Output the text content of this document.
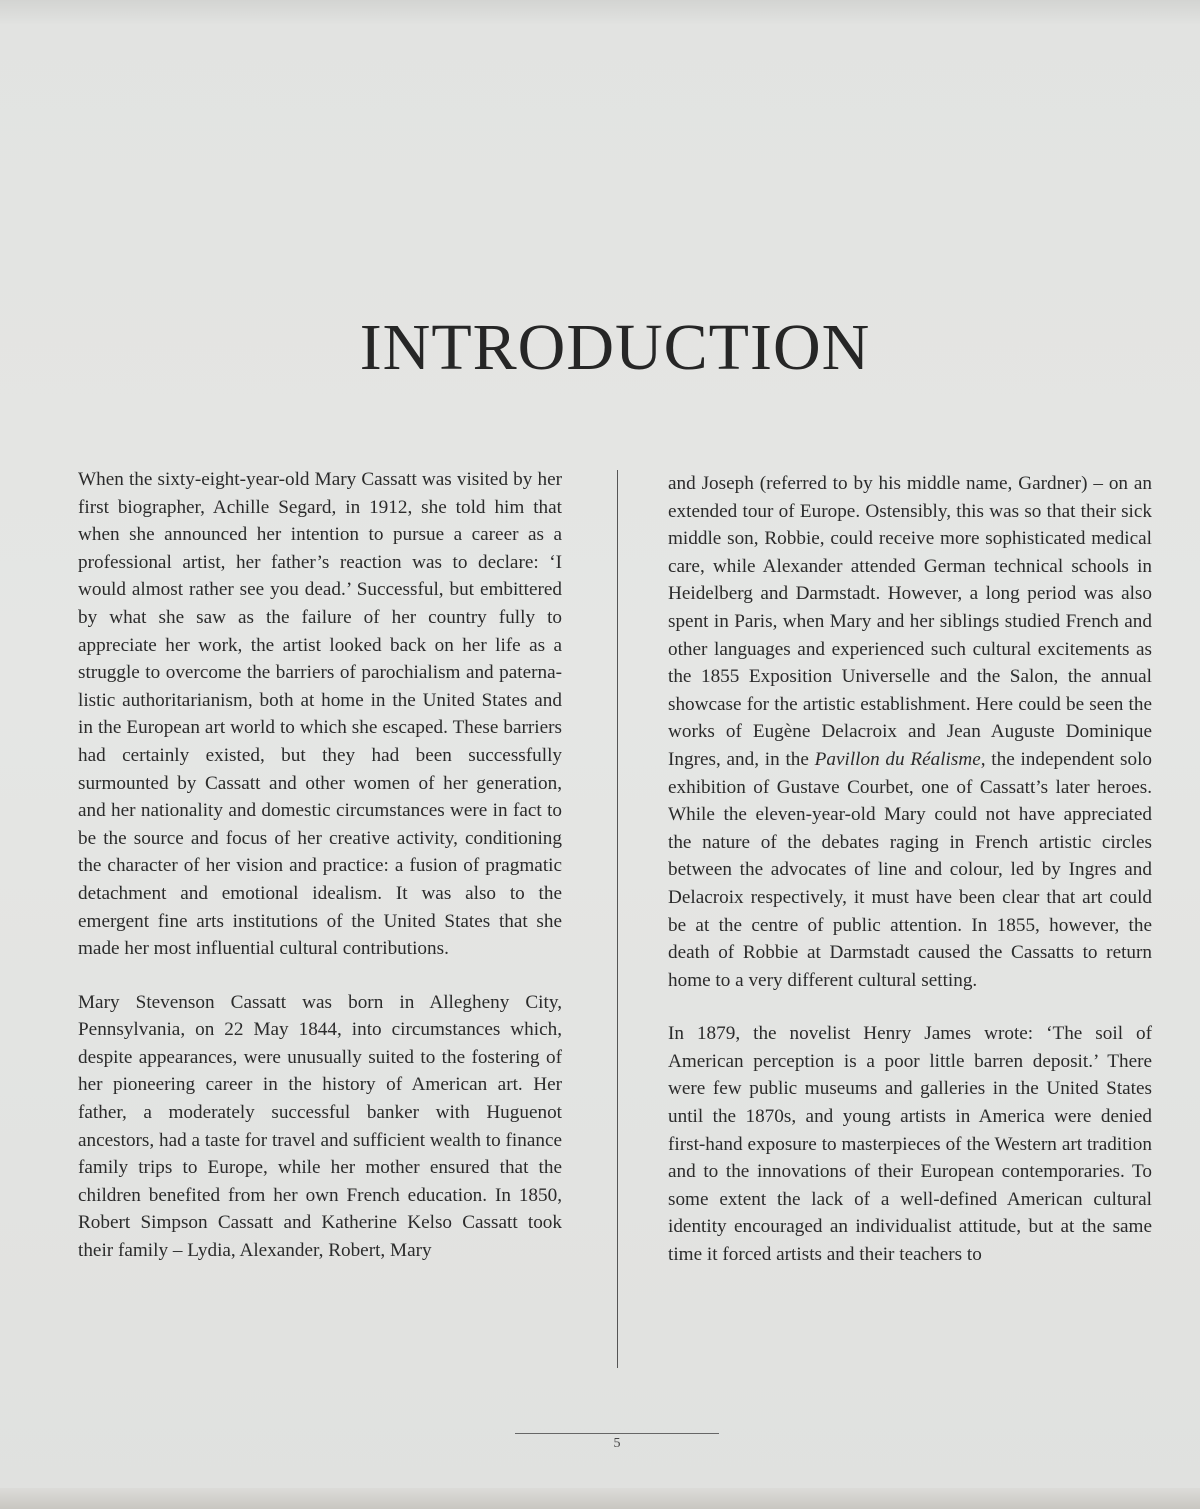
INTRODUCTION

When the sixty-eight-year-old Mary Cassatt was visited by her first biographer, Achille Segard, in 1912, she told him that when she announced her intention to pursue a career as a professional artist, her father’s reaction was to declare: ‘I would almost rather see you dead.’ Successful, but embittered by what she saw as the failure of her country fully to appreciate her work, the artist looked back on her life as a struggle to overcome the barriers of parochialism and paternalistic authoritarianism, both at home in the United States and in the European art world to which she escaped. These barriers had certainly existed, but they had been successfully surmounted by Cassatt and other women of her generation, and her nationality and domestic circumstances were in fact to be the source and focus of her creative activity, conditioning the character of her vision and practice: a fusion of pragmatic detachment and emotional idealism. It was also to the emergent fine arts institutions of the United States that she made her most influential cultural contributions.

Mary Stevenson Cassatt was born in Allegheny City, Pennsylvania, on 22 May 1844, into circumstances which, despite appearances, were unusually suited to the fostering of her pioneering career in the history of American art. Her father, a moderately successful banker with Huguenot ancestors, had a taste for travel and sufficient wealth to finance family trips to Europe, while her mother ensured that the children benefited from her own French education. In 1850, Robert Simpson Cassatt and Katherine Kelso Cassatt took their family – Lydia, Alexander, Robert, Mary

and Joseph (referred to by his middle name, Gardner) – on an extended tour of Europe. Ostensibly, this was so that their sick middle son, Robbie, could receive more sophisticated medical care, while Alexander attended German technical schools in Heidelberg and Darmstadt. However, a long period was also spent in Paris, when Mary and her siblings studied French and other languages and experienced such cultural excitements as the 1855 Exposition Universelle and the Salon, the annual showcase for the artistic establishment. Here could be seen the works of Eugène Delacroix and Jean Auguste Dominique Ingres, and, in the Pavillon du Réalisme, the independent solo exhibition of Gustave Courbet, one of Cassatt’s later heroes. While the eleven-year-old Mary could not have appreciated the nature of the debates raging in French artistic circles between the advocates of line and colour, led by Ingres and Delacroix respectively, it must have been clear that art could be at the centre of public attention. In 1855, however, the death of Robbie at Darmstadt caused the Cassatts to return home to a very different cultural setting.

In 1879, the novelist Henry James wrote: ‘The soil of American perception is a poor little barren deposit.’ There were few public museums and galleries in the United States until the 1870s, and young artists in America were denied first-hand exposure to masterpieces of the Western art tradition and to the innovations of their European contemporaries. To some extent the lack of a well-defined American cultural identity encouraged an individualist attitude, but at the same time it forced artists and their teachers to

5
